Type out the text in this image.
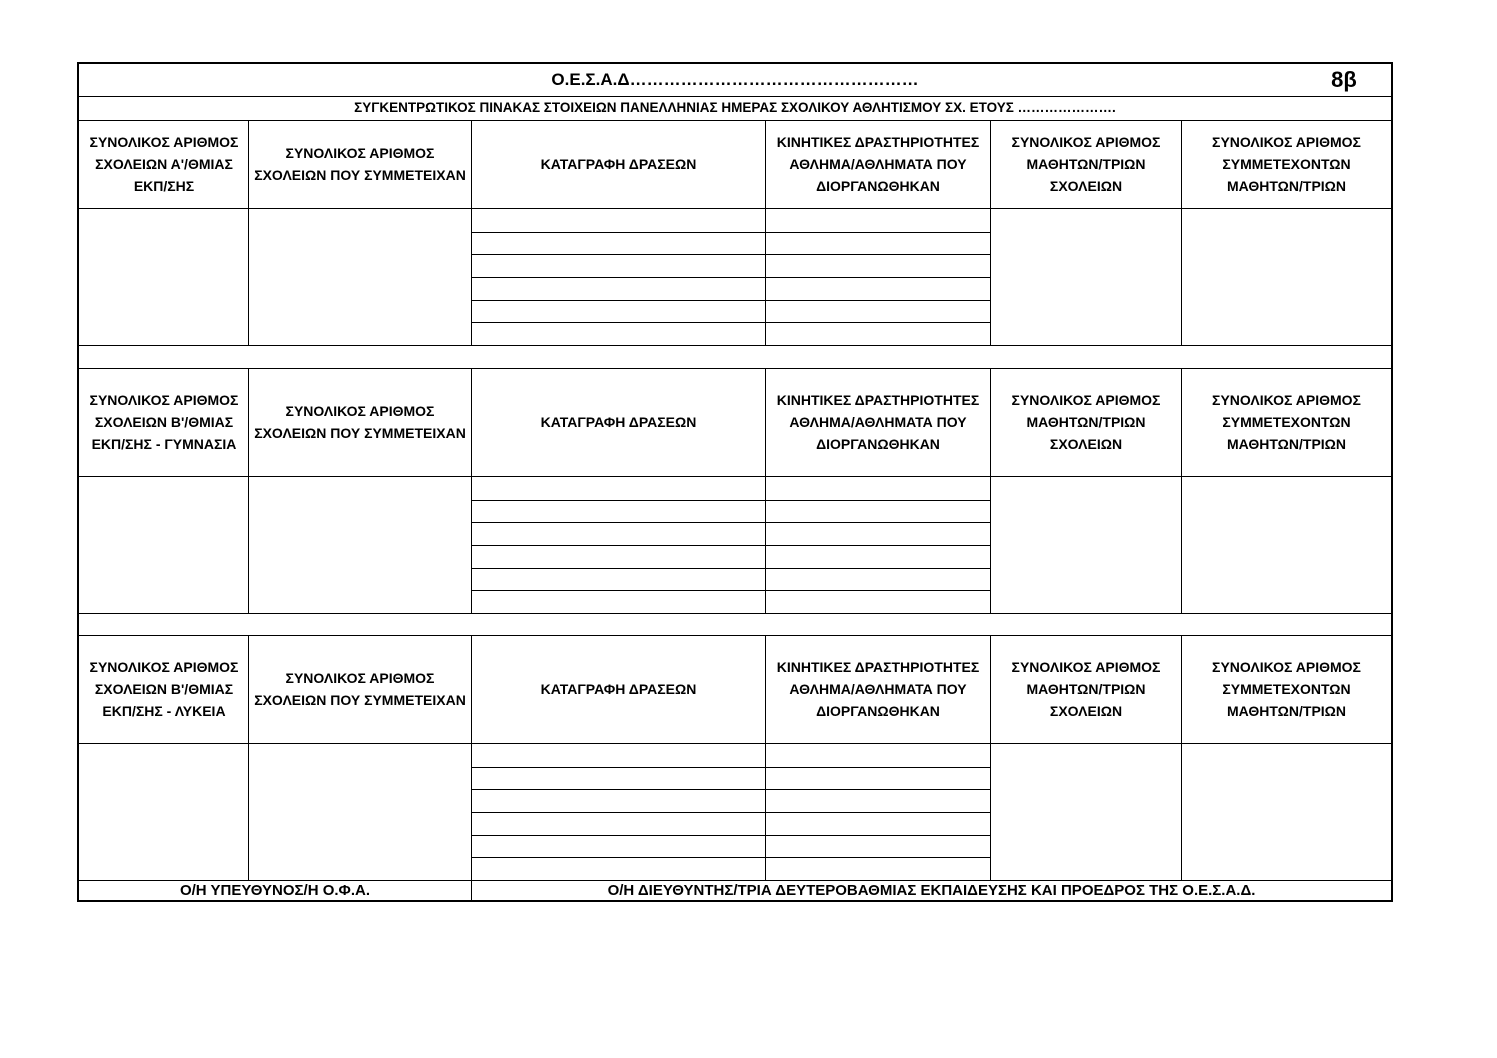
Ο.Ε.Σ.Α.Δ……………………………………………	8β
ΣΥΓΚΕΝΤΡΩΤΙΚΟΣ ΠΙΝΑΚΑΣ ΣΤΟΙΧΕΙΩΝ ΠΑΝΕΛΛΗΝΙΑΣ ΗΜΕΡΑΣ ΣΧΟΛΙΚΟΥ ΑΘΛΗΤΙΣΜΟΥ ΣΧ. ΕΤΟΥΣ ………………….
Ο/Η ΥΠΕΥΘΥΝΟΣ/Η Ο.Φ.Α.	Ο/Η ΔΙΕΥΘΥΝΤΗΣ/ΤΡΙΑ ΔΕΥΤΕΡΟΒΑΘΜΙΑΣ ΕΚΠΑΙΔΕΥΣΗΣ ΚΑΙ ΠΡΟΕΔΡΟΣ ΤΗΣ Ο.Ε.Σ.Α.Δ.
ΣΥΝΟΛΙΚΟΣ ΑΡΙΘΜΟΣ ΣΧΟΛΕΙΩΝ Α'/ΘΜΙΑΣ ΕΚΠ/ΣΗΣ
ΣΥΝΟΛΙΚΟΣ ΑΡΙΘΜΟΣ ΣΧΟΛΕΙΩΝ ΠΟΥ ΣΥΜΜΕΤΕΙΧΑΝ
ΚΑΤΑΓΡΑΦΗ ΔΡΑΣΕΩΝ
ΚΙΝΗΤΙΚΕΣ ΔΡΑΣΤΗΡΙΟΤΗΤΕΣ ΑΘΛΗΜΑ/ΑΘΛΗΜΑΤΑ ΠΟΥ ΔΙΟΡΓΑΝΩΘΗΚΑΝ
ΣΥΝΟΛΙΚΟΣ ΑΡΙΘΜΟΣ ΜΑΘΗΤΩΝ/ΤΡΙΩΝ ΣΧΟΛΕΙΩΝ
ΣΥΝΟΛΙΚΟΣ ΑΡΙΘΜΟΣ ΣΥΜΜΕΤΕΧΟΝΤΩΝ ΜΑΘΗΤΩΝ/ΤΡΙΩΝ
ΣΥΝΟΛΙΚΟΣ ΑΡΙΘΜΟΣ ΣΧΟΛΕΙΩΝ Β'/ΘΜΙΑΣ ΕΚΠ/ΣΗΣ - ΓΥΜΝΑΣΙΑ
ΣΥΝΟΛΙΚΟΣ ΑΡΙΘΜΟΣ ΣΧΟΛΕΙΩΝ ΠΟΥ ΣΥΜΜΕΤΕΙΧΑΝ
ΚΑΤΑΓΡΑΦΗ ΔΡΑΣΕΩΝ
ΚΙΝΗΤΙΚΕΣ ΔΡΑΣΤΗΡΙΟΤΗΤΕΣ ΑΘΛΗΜΑ/ΑΘΛΗΜΑΤΑ ΠΟΥ ΔΙΟΡΓΑΝΩΘΗΚΑΝ
ΣΥΝΟΛΙΚΟΣ ΑΡΙΘΜΟΣ ΜΑΘΗΤΩΝ/ΤΡΙΩΝ ΣΧΟΛΕΙΩΝ
ΣΥΝΟΛΙΚΟΣ ΑΡΙΘΜΟΣ ΣΥΜΜΕΤΕΧΟΝΤΩΝ ΜΑΘΗΤΩΝ/ΤΡΙΩΝ
ΣΥΝΟΛΙΚΟΣ ΑΡΙΘΜΟΣ ΣΧΟΛΕΙΩΝ Β'/ΘΜΙΑΣ ΕΚΠ/ΣΗΣ - ΛΥΚΕΙΑ
ΣΥΝΟΛΙΚΟΣ ΑΡΙΘΜΟΣ ΣΧΟΛΕΙΩΝ ΠΟΥ ΣΥΜΜΕΤΕΙΧΑΝ
ΚΑΤΑΓΡΑΦΗ ΔΡΑΣΕΩΝ
ΚΙΝΗΤΙΚΕΣ ΔΡΑΣΤΗΡΙΟΤΗΤΕΣ ΑΘΛΗΜΑ/ΑΘΛΗΜΑΤΑ ΠΟΥ ΔΙΟΡΓΑΝΩΘΗΚΑΝ
ΣΥΝΟΛΙΚΟΣ ΑΡΙΘΜΟΣ ΜΑΘΗΤΩΝ/ΤΡΙΩΝ ΣΧΟΛΕΙΩΝ
ΣΥΝΟΛΙΚΟΣ ΑΡΙΘΜΟΣ ΣΥΜΜΕΤΕΧΟΝΤΩΝ ΜΑΘΗΤΩΝ/ΤΡΙΩΝ
